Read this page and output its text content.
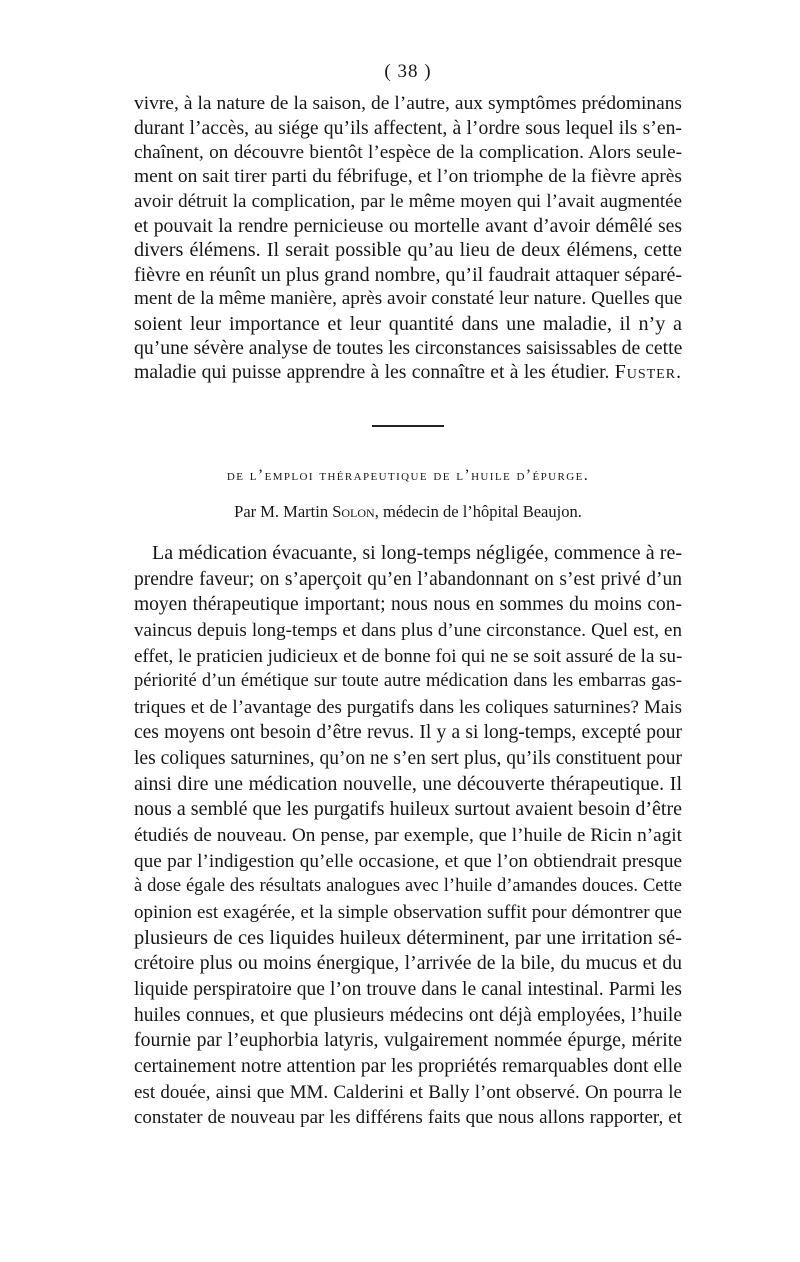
( 38 )
vivre, à la nature de la saison, de l’autre, aux symptômes prédominans
durant l’accès, au siége qu’ils affectent, à l’ordre sous lequel ils s’en-
chaînent, on découvre bientôt l’espèce de la complication. Alors seule-
ment on sait tirer parti du fébrifuge, et l’on triomphe de la fièvre après
avoir détruit la complication, par le même moyen qui l’avait augmentée
et pouvait la rendre pernicieuse ou mortelle avant d’avoir démêlé ses
divers élémens. Il serait possible qu’au lieu de deux élémens, cette
fièvre en réunît un plus grand nombre, qu’il faudrait attaquer séparé-
ment de la même manière, après avoir constaté leur nature. Quelles que
soient leur importance et leur quantité dans une maladie, il n’y a
qu’une sévère analyse de toutes les circonstances saisissables de cette
maladie qui puisse apprendre à les connaître et à les étudier. Fuster.
de l’emploi thérapeutique de l’huile d’épurge.
Par M. Martin Solon, médecin de l’hôpital Beaujon.
La médication évacuante, si long-temps négligée, commence à re-
prendre faveur; on s’aperçoit qu’en l’abandonnant on s’est privé d’un
moyen thérapeutique important; nous nous en sommes du moins con-
vaincus depuis long-temps et dans plus d’une circonstance. Quel est, en
effet, le praticien judicieux et de bonne foi qui ne se soit assuré de la su-
périorité d’un émétique sur toute autre médication dans les embarras gas-
triques et de l’avantage des purgatifs dans les coliques saturnines? Mais
ces moyens ont besoin d’être revus. Il y a si long-temps, excepté pour
les coliques saturnines, qu’on ne s’en sert plus, qu’ils constituent pour
ainsi dire une médication nouvelle, une découverte thérapeutique. Il
nous a semblé que les purgatifs huileux surtout avaient besoin d’être
étudiés de nouveau. On pense, par exemple, que l’huile de Ricin n’agit
que par l’indigestion qu’elle occasione, et que l’on obtiendrait presque
à dose égale des résultats analogues avec l’huile d’amandes douces. Cette
opinion est exagérée, et la simple observation suffit pour démontrer que
plusieurs de ces liquides huileux déterminent, par une irritation sé-
crétoire plus ou moins énergique, l’arrivée de la bile, du mucus et du
liquide perspiratoire que l’on trouve dans le canal intestinal. Parmi les
huiles connues, et que plusieurs médecins ont déjà employées, l’huile
fournie par l’euphorbia latyris, vulgairement nommée épurge, mérite
certainement notre attention par les propriétés remarquables dont elle
est douée, ainsi que MM. Calderini et Bally l’ont observé. On pourra le
constater de nouveau par les différens faits que nous allons rapporter, et
